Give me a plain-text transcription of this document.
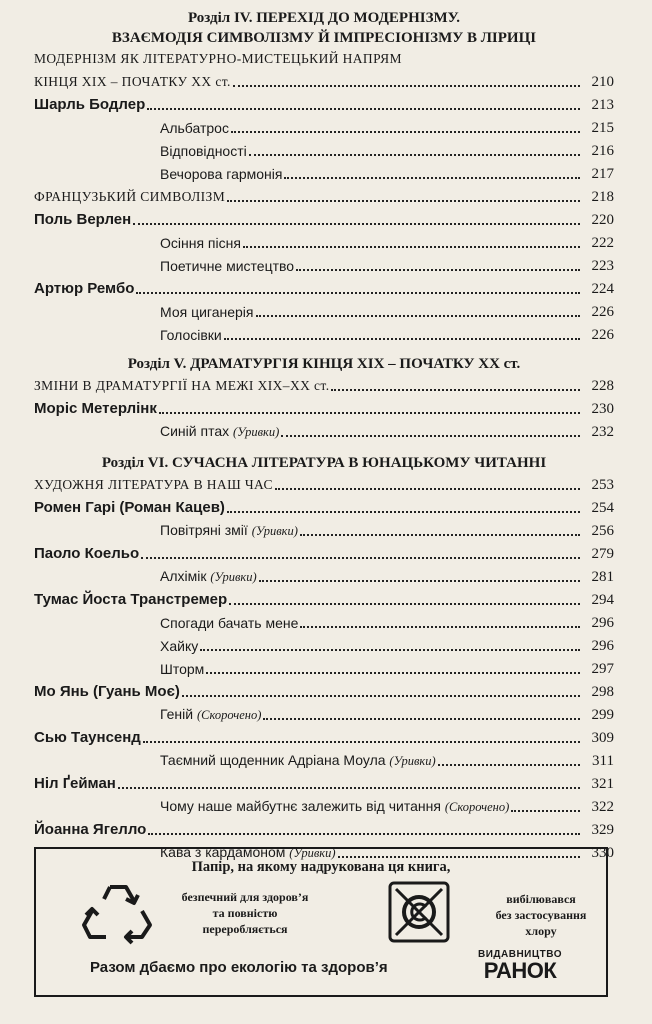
Розділ IV. ПЕРЕХІД ДО МОДЕРНІЗМУ.

ВЗАЄМОДІЯ СИМВОЛІЗМУ Й ІМПРЕСІОНІЗМУ В ЛІРИЦІ

МОДЕРНІЗМ ЯК ЛІТЕРАТУРНО-МИСТЕЦЬКИЙ НАПРЯМ
КІНЦЯ XIX – ПОЧАТКУ XX ст.	210
Шарль Бодлер	213
Альбатрос	215
Відповідності	216
Вечорова гармонія	217
ФРАНЦУЗЬКИЙ СИМВОЛІЗМ	218
Поль Верлен	220
Осіння пісня	222
Поетичне мистецтво	223
Артюр Рембо	224
Моя циганерія	226
Голосівки	226

Розділ V. ДРАМАТУРГІЯ КІНЦЯ XIX – ПОЧАТКУ XX ст.

ЗМІНИ В ДРАМАТУРГІЇ НА МЕЖІ XIX–XX ст.	228
Моріс Метерлінк	230
Синій птах (Уривки)	232

Розділ VI. СУЧАСНА ЛІТЕРАТУРА В ЮНАЦЬКОМУ ЧИТАННІ

ХУДОЖНЯ ЛІТЕРАТУРА В НАШ ЧАС	253
Ромен Гарі (Роман Кацев)	254
Повітряні змії (Уривки)	256
Паоло Коельо	279
Алхімік (Уривки)	281
Тумас Йоста Транстремер	294
Спогади бачать мене	296
Хайку	296
Шторм	297
Мо Янь (Гуань Моє)	298
Геній (Скорочено)	299
Сью Таунсенд	309
Таємний щоденник Адріана Моула (Уривки)	311
Ніл Ґейман	321
Чому наше майбутнє залежить від читання (Скорочено)	322
Йоанна Ягелло	329
Кава з кардамоном (Уривки)	330
Папір, на якому надрукована ця книга,
безпечний для здоров’я
та повністю
переробляється
вибілювався
без застосування
хлору
Разом дбаємо про екологію та здоров’я
ВИДАВНИЦТВО
РАНОК
